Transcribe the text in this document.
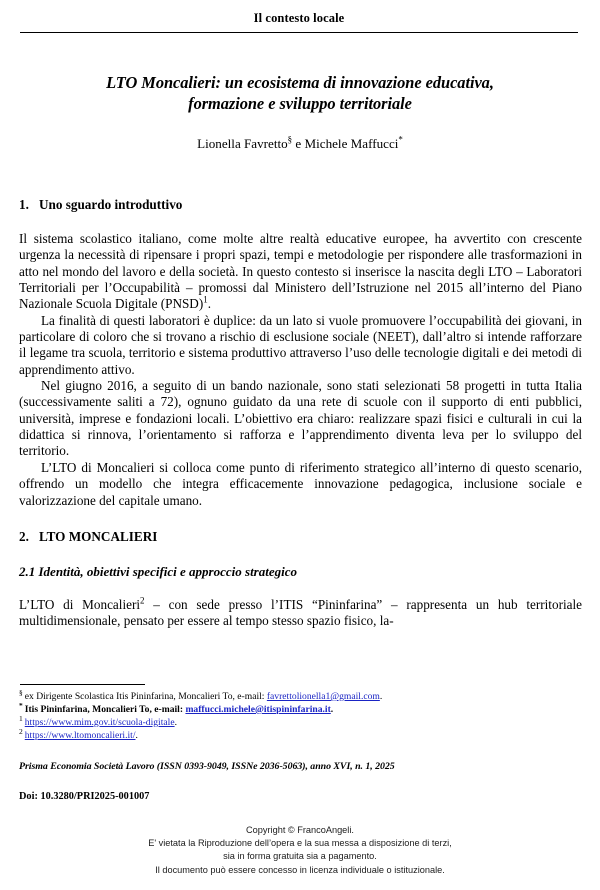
Il contesto locale
LTO Moncalieri: un ecosistema di innovazione educativa,
formazione e sviluppo territoriale
Lionella Favretto§ e Michele Maffucci*
1. Uno sguardo introduttivo

Il sistema scolastico italiano, come molte altre realtà educative europee, ha avvertito con crescente urgenza la necessità di ripensare i propri spazi, tempi e metodologie per rispondere alle trasformazioni in atto nel mondo del lavoro e della società. In questo contesto si inserisce la nascita degli LTO – Laboratori Territoriali per l’Occupabilità – promossi dal Ministero dell’Istruzione nel 2015 all’interno del Piano Nazionale Scuola Digitale (PNSD)$^1$.

La finalità di questi laboratori è duplice: da un lato si vuole promuovere l’occupabilità dei giovani, in particolare di coloro che si trovano a rischio di esclusione sociale (NEET), dall’altro si intende rafforzare il legame tra scuola, territorio e sistema produttivo attraverso l’uso delle tecnologie digitali e dei metodi di apprendimento attivo.

Nel giugno 2016, a seguito di un bando nazionale, sono stati selezionati 58 progetti in tutta Italia (successivamente saliti a 72), ognuno guidato da una rete di scuole con il supporto di enti pubblici, università, imprese e fondazioni locali. L’obiettivo era chiaro: realizzare spazi fisici e culturali in cui la didattica si rinnova, l’orientamento si rafforza e l’apprendimento diventa leva per lo sviluppo del territorio.

L’LTO di Moncalieri si colloca come punto di riferimento strategico all’interno di questo scenario, offrendo un modello che integra efficacemente innovazione pedagogica, inclusione sociale e valorizzazione del capitale umano.

2. LTO MONCALIERI
2.1 Identità, obiettivi specifici e approccio strategico

L’LTO di Moncalieri$^2$ – con sede presso l’ITIS “Pininfarina” – rappresenta un hub territoriale multidimensionale, pensato per essere al tempo stesso spazio fisico, la-

§ ex Dirigente Scolastica Itis Pininfarina, Moncalieri To, e-mail: favrettolionella1@gmail.com.
* Itis Pininfarina, Moncalieri To, e-mail: maffucci.michele@itispininfarina.it.
$^1$ https://www.mim.gov.it/scuola-digitale.
$^2$ https://www.ltomoncalieri.it/.
Prisma Economia Società Lavoro (ISSN 0393-9049, ISSNe 2036-5063), anno XVI, n. 1, 2025
Doi: 10.3280/PRI2025-001007
Copyright © FrancoAngeli.
E' vietata la Riproduzione dell’opera e la sua messa a disposizione di terzi,
sia in forma gratuita sia a pagamento.
Il documento può essere concesso in licenza individuale o istituzionale.
